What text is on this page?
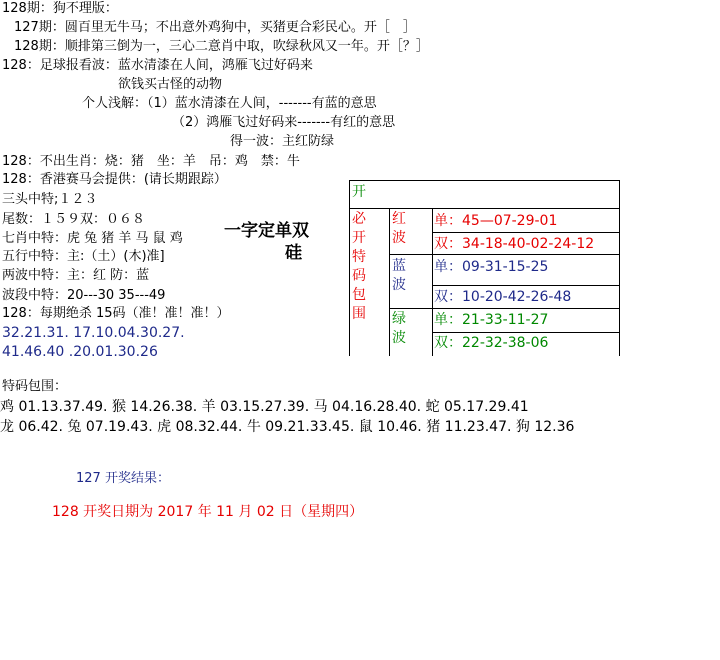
128期：狗不理版：
127期：圆百里无牛马；不出意外鸡狗中，买猪更合彩民心。开［　］
128期：顺排第三倒为一，三心二意肖中取，吹绿秋风又一年。开［？］
128：足球报看波：蓝水清漆在人间，鸿雁飞过好码来
欲钱买古怪的动物
个人浅解：（1）蓝水清漆在人间，-------有蓝的意思
（2）鸿雁飞过好码来-------有红的意思
得一波：主红防绿
128：不出生肖：烧：猪　坐：羊　吊：鸡　禁：牛
128：香港赛马会提供：(请长期跟踪）
三头中特;１２３
尾数：１５９双：０６８
七肖中特：虎 兔 猪 羊 马 鼠 鸡
五行中特：主:（土）(木)准]
两波中特：主：红 防：蓝
波段中特：20---30 35---49
128：每期绝杀 15码（准！准！准！）
32.21.31. 17.10.04.30.27.
41.46.40 .20.01.30.26
一字定单双
硅
开
必开特码包围
红波
蓝波
绿波
单：45—07-29-01
双：34-18-40-02-24-12
单：09-31-15-25
双：10-20-42-26-48
单：21-33-11-27
双：22-32-38-06
特码包围：
鸡 01.13.37.49. 猴 14.26.38. 羊 03.15.27.39. 马 04.16.28.40. 蛇 05.17.29.41
龙 06.42. 兔 07.19.43. 虎 08.32.44. 牛 09.21.33.45. 鼠 10.46. 猪 11.23.47. 狗 12.36
127 开奖结果：
128 开奖日期为 2017 年 11 月 02 日（星期四）
